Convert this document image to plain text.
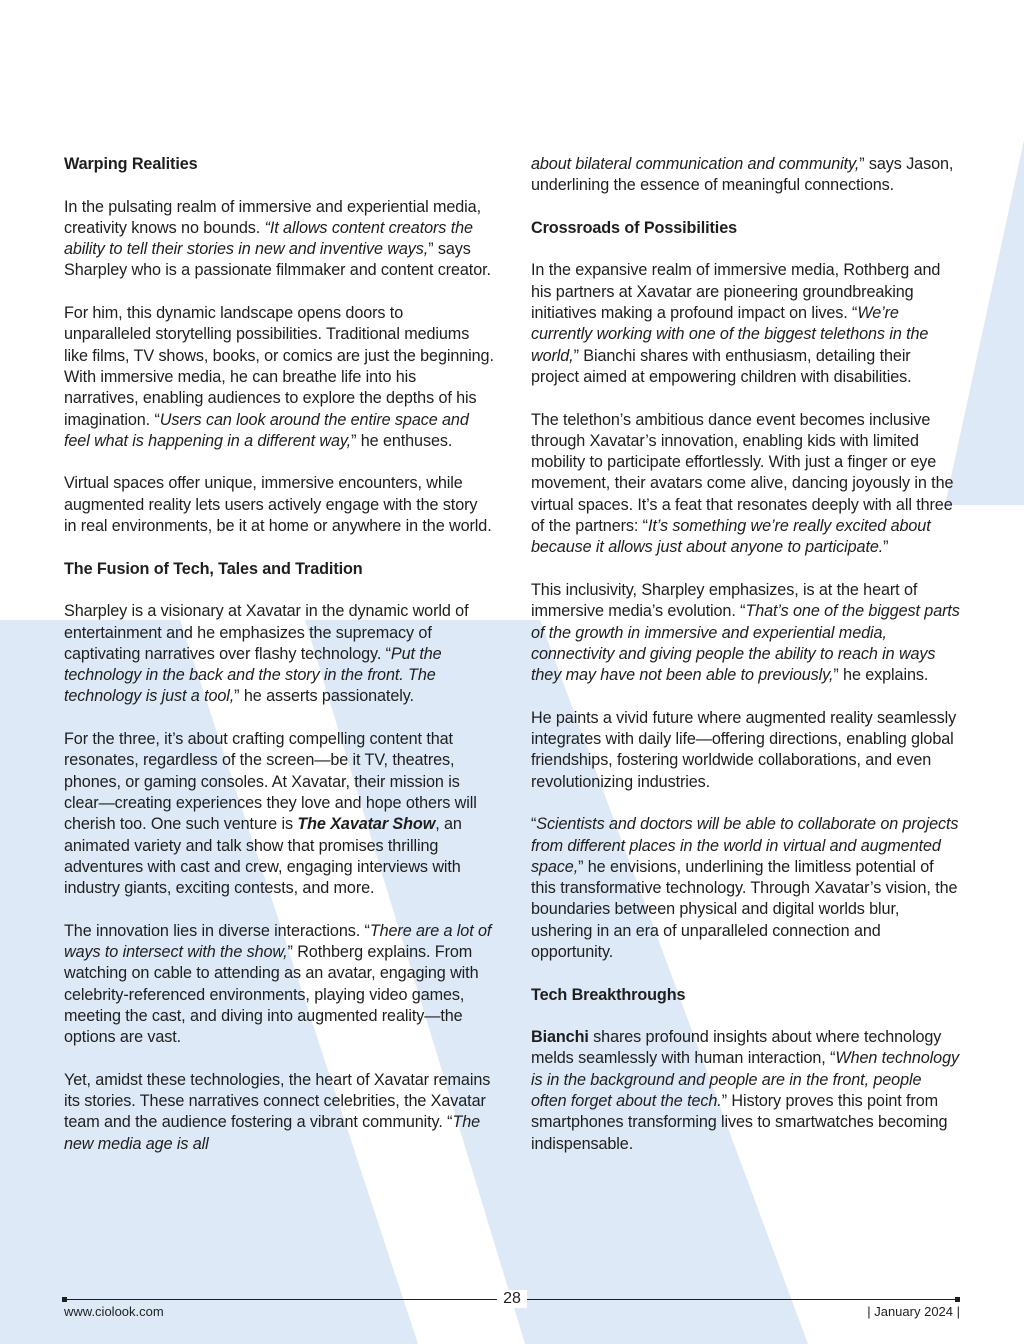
Warping Realities

In the pulsating realm of immersive and experiential media, creativity knows no bounds. “It allows content creators the ability to tell their stories in new and inventive ways,” says Sharpley who is a passionate filmmaker and content creator.

For him, this dynamic landscape opens doors to unparalleled storytelling possibilities. Traditional mediums like films, TV shows, books, or comics are just the beginning. With immersive media, he can breathe life into his narratives, enabling audiences to explore the depths of his imagination. “Users can look around the entire space and feel what is happening in a different way,” he enthuses.

Virtual spaces offer unique, immersive encounters, while augmented reality lets users actively engage with the story in real environments, be it at home or anywhere in the world.

The Fusion of Tech, Tales and Tradition

Sharpley is a visionary at Xavatar in the dynamic world of entertainment and he emphasizes the supremacy of captivating narratives over flashy technology. “Put the technology in the back and the story in the front. The technology is just a tool,” he asserts passionately.

For the three, it’s about crafting compelling content that resonates, regardless of the screen—be it TV, theatres, phones, or gaming consoles. At Xavatar, their mission is clear—creating experiences they love and hope others will cherish too. One such venture is The Xavatar Show, an animated variety and talk show that promises thrilling adventures with cast and crew, engaging interviews with industry giants, exciting contests, and more.

The innovation lies in diverse interactions. “There are a lot of ways to intersect with the show,” Rothberg explains. From watching on cable to attending as an avatar, engaging with celebrity-referenced environments, playing video games, meeting the cast, and diving into augmented reality—the options are vast.

Yet, amidst these technologies, the heart of Xavatar remains its stories. These narratives connect celebrities, the Xavatar team and the audience fostering a vibrant community. “The new media age is all

about bilateral communication and community,” says Jason, underlining the essence of meaningful connections.

Crossroads of Possibilities

In the expansive realm of immersive media, Rothberg and his partners at Xavatar are pioneering groundbreaking initiatives making a profound impact on lives. “We’re currently working with one of the biggest telethons in the world,” Bianchi shares with enthusiasm, detailing their project aimed at empowering children with disabilities.

The telethon’s ambitious dance event becomes inclusive through Xavatar’s innovation, enabling kids with limited mobility to participate effortlessly. With just a finger or eye movement, their avatars come alive, dancing joyously in the virtual spaces. It’s a feat that resonates deeply with all three of the partners: “It’s something we’re really excited about because it allows just about anyone to participate.”

This inclusivity, Sharpley emphasizes, is at the heart of immersive media’s evolution. “That’s one of the biggest parts of the growth in immersive and experiential media, connectivity and giving people the ability to reach in ways they may have not been able to previously,” he explains.

He paints a vivid future where augmented reality seamlessly integrates with daily life—offering directions, enabling global friendships, fostering worldwide collaborations, and even revolutionizing industries.

“Scientists and doctors will be able to collaborate on projects from different places in the world in virtual and augmented space,” he envisions, underlining the limitless potential of this transformative technology. Through Xavatar’s vision, the boundaries between physical and digital worlds blur, ushering in an era of unparalleled connection and opportunity.

Tech Breakthroughs

Bianchi shares profound insights about where technology melds seamlessly with human interaction, “When technology is in the background and people are in the front, people often forget about the tech.” History proves this point from smartphones transforming lives to smartwatches becoming indispensable.

28
www.ciolook.com	| January 2024 |
